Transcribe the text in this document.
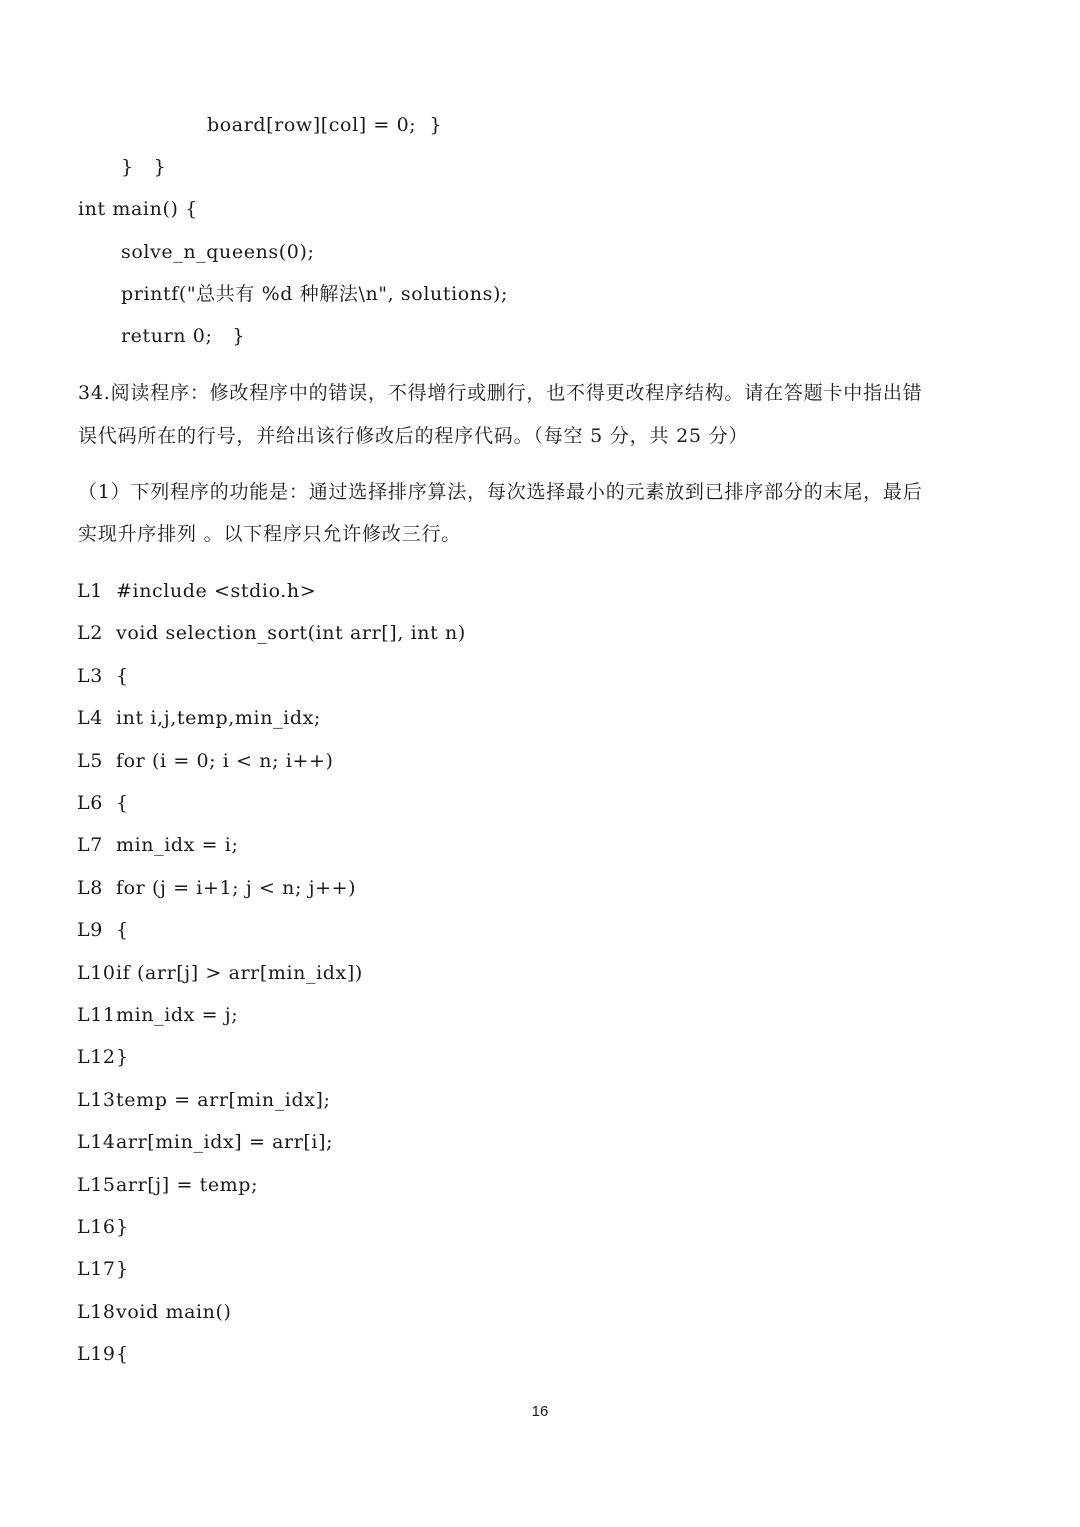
board[row][col] = 0;  }
}   }
int main() {
solve_n_queens(0);
printf("总共有 %d 种解法\n", solutions);
return 0;   }
34.阅读程序：修改程序中的错误，不得增行或删行，也不得更改程序结构。请在答题卡中指出错
误代码所在的行号，并给出该行修改后的程序代码。（每空 5 分，共 25 分）
（1）下列程序的功能是：通过选择排序算法，每次选择最小的元素放到已排序部分的末尾，最后
实现升序排列 。以下程序只允许修改三行。
L1 #include <stdio.h>
L2 void selection_sort(int arr[], int n)
L3 {
L4 int i,j,temp,min_idx;
L5 for (i = 0; i < n; i++)
L6 {
L7 min_idx = i;
L8 for (j = i+1; j < n; j++)
L9 {
L10if (arr[j] > arr[min_idx])
L11min_idx = j;
L12}
L13temp = arr[min_idx];
L14arr[min_idx] = arr[i];
L15arr[j] = temp;
L16}
L17}
L18void main()
L19{
16
